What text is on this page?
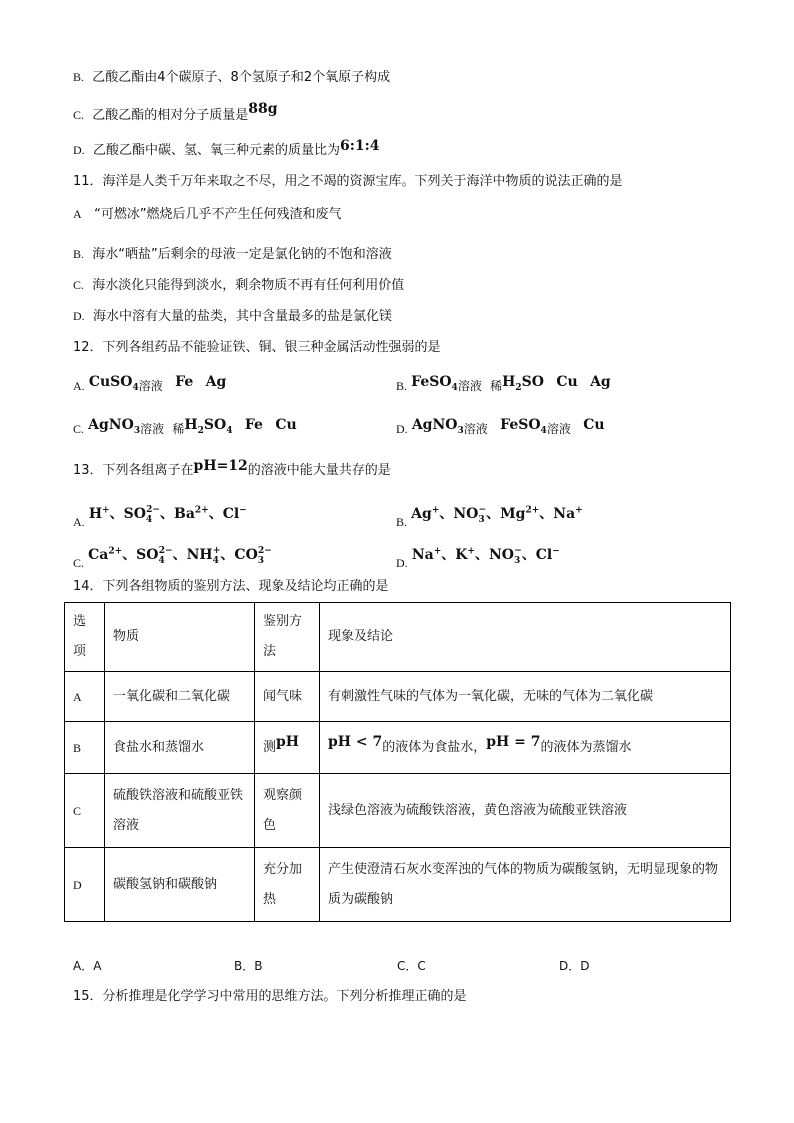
B. 乙酸乙酯由4个碳原子、8个氢原子和2个氧原子构成
C. 乙酸乙酯的相对分子质量是88g
D. 乙酸乙酯中碳、氢、氧三种元素的质量比为6:1:4
11．海洋是人类千万年来取之不尽，用之不竭的资源宝库。下列关于海洋中物质的说法正确的是
A “可燃冰”燃烧后几乎不产生任何残渣和废气
B. 海水“晒盐”后剩余的母液一定是氯化钠的不饱和溶液
C. 海水淡化只能得到淡水，剩余物质不再有任何利用价值
D. 海水中溶有大量的盐类，其中含量最多的盐是氯化镁
12．下列各组药品不能验证铁、铜、银三种金属活动性强弱的是
A. CuSO$_4$溶液 Fe Ag	B. FeSO$_4$溶液 稀$H_2SO$ Cu Ag
C. AgNO$_3$溶液 稀$H_2SO_4$ Fe Cu	D. AgNO$_3$溶液 FeSO$_4$溶液 Cu
13．下列各组离子在pH=12的溶液中能大量共存的是
A. H+、$SO_4^{2-}$、$Ba^{2+}$、Cl−
B. Ag+、$NO_3^-$、$Mg^{2+}$、Na+
C. $Ca^{2+}$、$SO_4^{2-}$、$NH_4^+$、$CO_3^{2-}$
D. Na+、K+、$NO_3^-$、Cl−
14．下列各组物质的鉴别方法、现象及结论均正确的是
选项	物质	鉴别方法	现象及结论
A	一氧化碳和二氧化碳	闻气味	有刺激性气味的气体为一氧化碳，无味的气体为二氧化碳
B	食盐水和蒸馏水	测pH	pH < 7的液体为食盐水，pH = 7的液体为蒸馏水
C	硫酸铁溶液和硫酸亚铁溶液	观察颜色	浅绿色溶液为硫酸铁溶液，黄色溶液为硫酸亚铁溶液
D	碳酸氢钠和碳酸钠	充分加热	产生使澄清石灰水变浑浊的气体的物质为碳酸氢钠，无明显现象的物质为碳酸钠
A．A	B．B	C．C	D．D
15．分析推理是化学学习中常用的思维方法。下列分析推理正确的是
